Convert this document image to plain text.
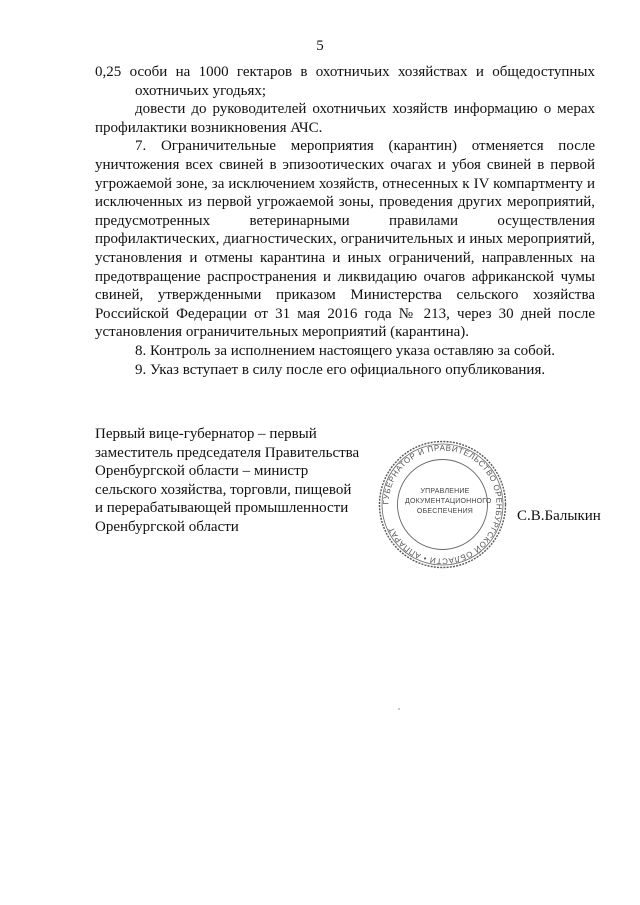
5

0,25 особи на 1000 гектаров в охотничьих хозяйствах и общедоступных охотничьих угодьях;

довести до руководителей охотничьих хозяйств информацию о мерах профилактики возникновения АЧС.

7. Ограничительные мероприятия (карантин) отменяется после уничтожения всех свиней в эпизоотических очагах и убоя свиней в первой угрожаемой зоне, за исключением хозяйств, отнесенных к IV компартменту и исключенных из первой угрожаемой зоны, проведения других мероприятий, предусмотренных ветеринарными правилами осуществления профилактических, диагностических, ограничительных и иных мероприятий, установления и отмены карантина и иных ограничений, направленных на предотвращение распространения и ликвидацию очагов африканской чумы свиней, утвержденными приказом Министерства сельского хозяйства Российской Федерации от 31 мая 2016 года № 213, через 30 дней после установления ограничительных мероприятий (карантина).

8. Контроль за исполнением настоящего указа оставляю за собой.

9. Указ вступает в силу после его официального опубликования.

Первый вице-губернатор – первый
заместитель председателя Правительства
Оренбургской области – министр
сельского хозяйства, торговли, пищевой
и перерабатывающей промышленности
Оренбургской области
ГУБЕРНАТОР И ПРАВИТЕЛЬСТВО ОРЕНБУРГСКОЙ ОБЛАСТИ • АППАРАТ
УПРАВЛЕНИЕ
ДОКУМЕНТАЦИОННОГО
ОБЕСПЕЧЕНИЯ	С.В.Балыкин
